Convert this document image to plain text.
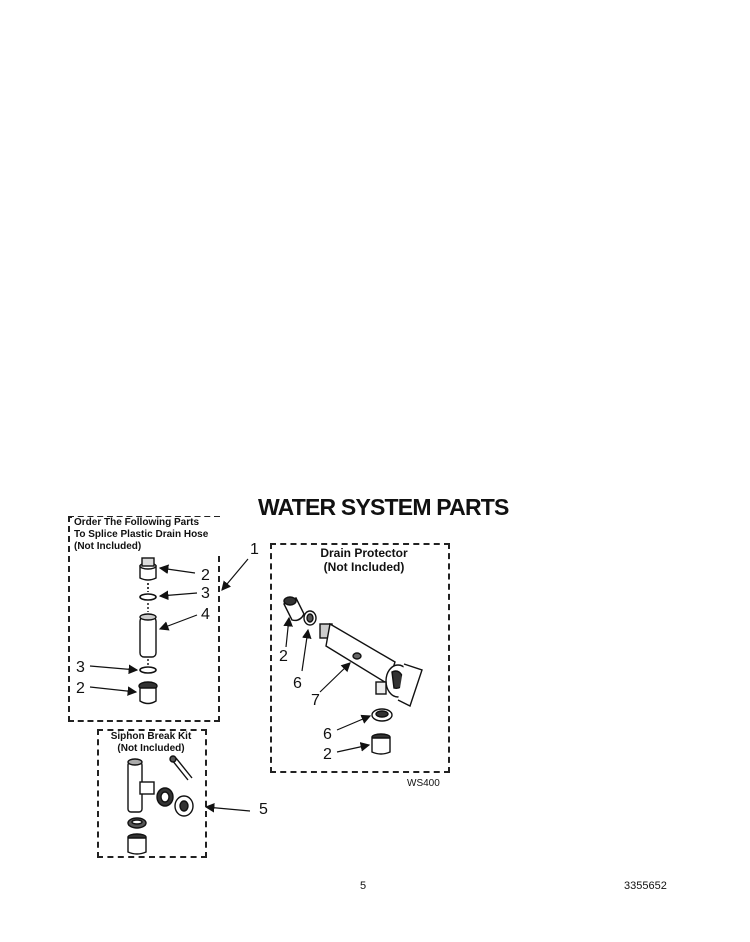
WATER SYSTEM PARTS
Order The Following Parts
To Splice Plastic Drain Hose
(Not Included)	Drain Protector
(Not Included)
Siphon Break Kit
(Not Included)
1
2
3
4
3
2
2
6
7
6
2
5
WS400
5	3355652
